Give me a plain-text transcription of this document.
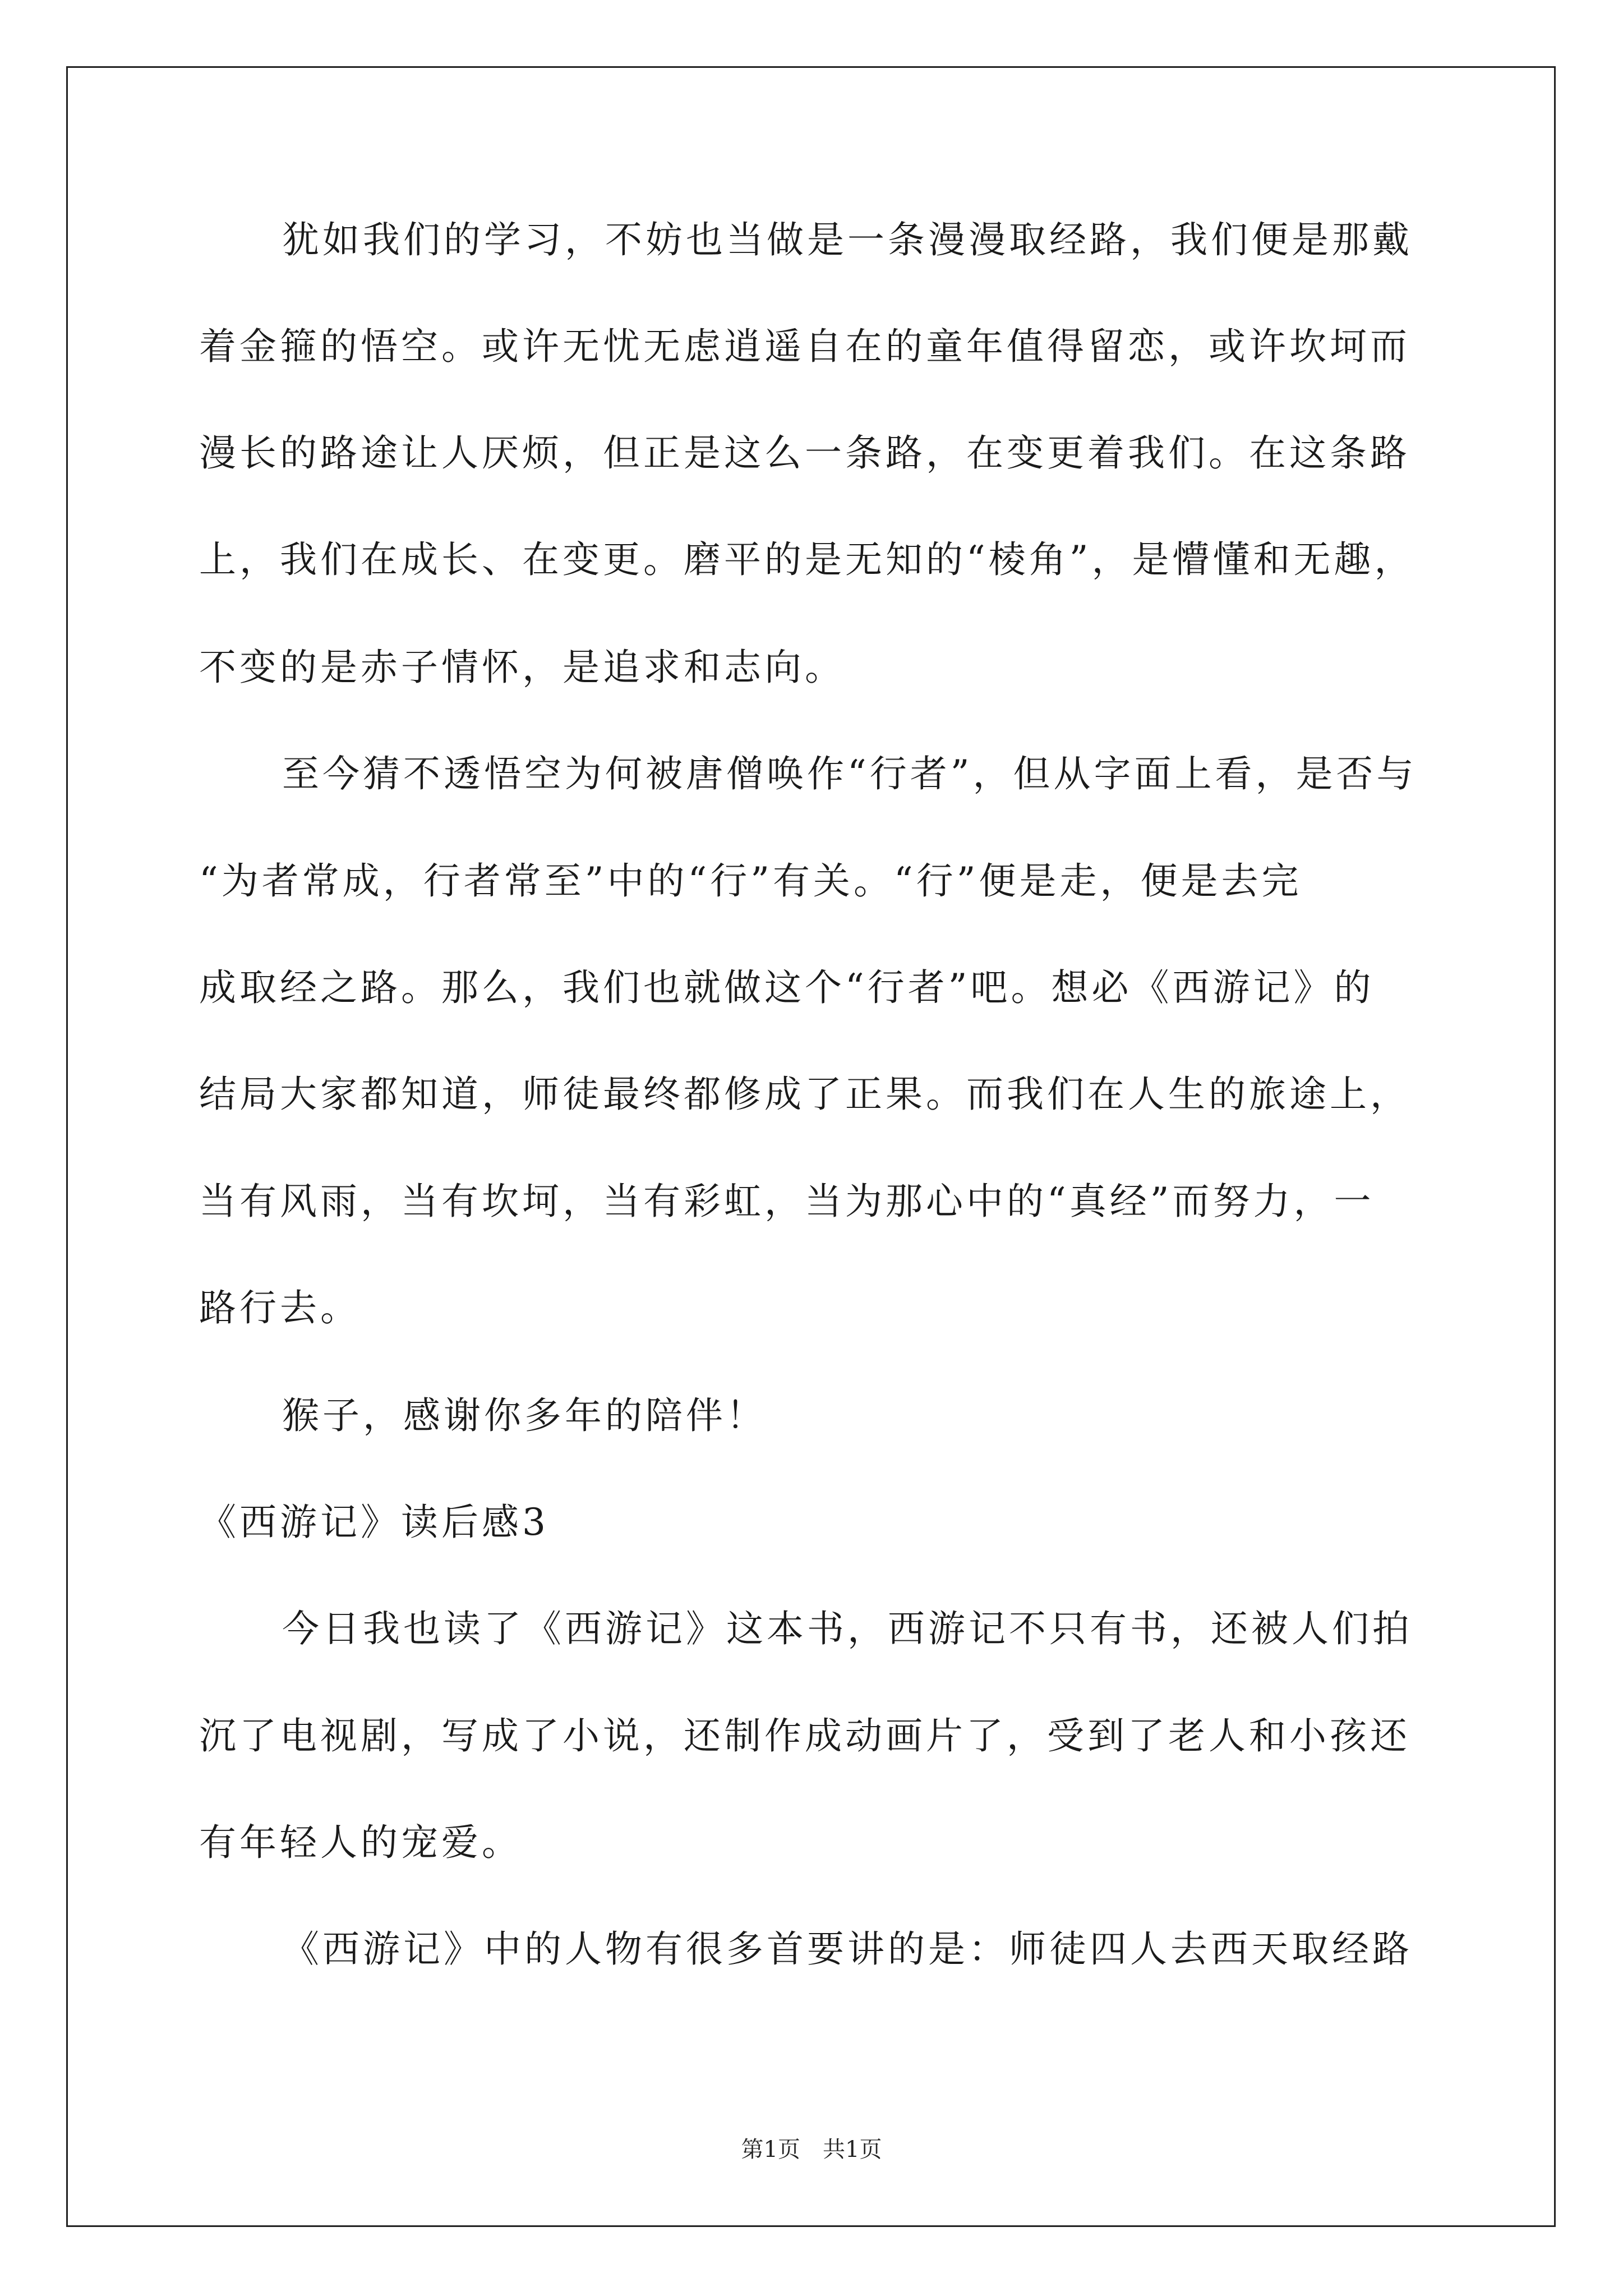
犹如我们的学习，不妨也当做是一条漫漫取经路，我们便是那戴
着金箍的悟空。或许无忧无虑逍遥自在的童年值得留恋，或许坎坷而
漫长的路途让人厌烦，但正是这么一条路，在变更着我们。在这条路
上，我们在成长、在变更。磨平的是无知的“棱角”，是懵懂和无趣，
不变的是赤子情怀，是追求和志向。
至今猜不透悟空为何被唐僧唤作“行者”，但从字面上看，是否与
“为者常成，行者常至”中的“行”有关。“行”便是走，便是去完
成取经之路。那么，我们也就做这个“行者”吧。想必《西游记》的
结局大家都知道，师徒最终都修成了正果。而我们在人生的旅途上，
当有风雨，当有坎坷，当有彩虹，当为那心中的“真经”而努力，一
路行去。
猴子，感谢你多年的陪伴！
《西游记》读后感3
今日我也读了《西游记》这本书，西游记不只有书，还被人们拍
沉了电视剧，写成了小说，还制作成动画片了，受到了老人和小孩还
有年轻人的宠爱。
《西游记》中的人物有很多首要讲的是：师徒四人去西天取经路
第1页　共1页
